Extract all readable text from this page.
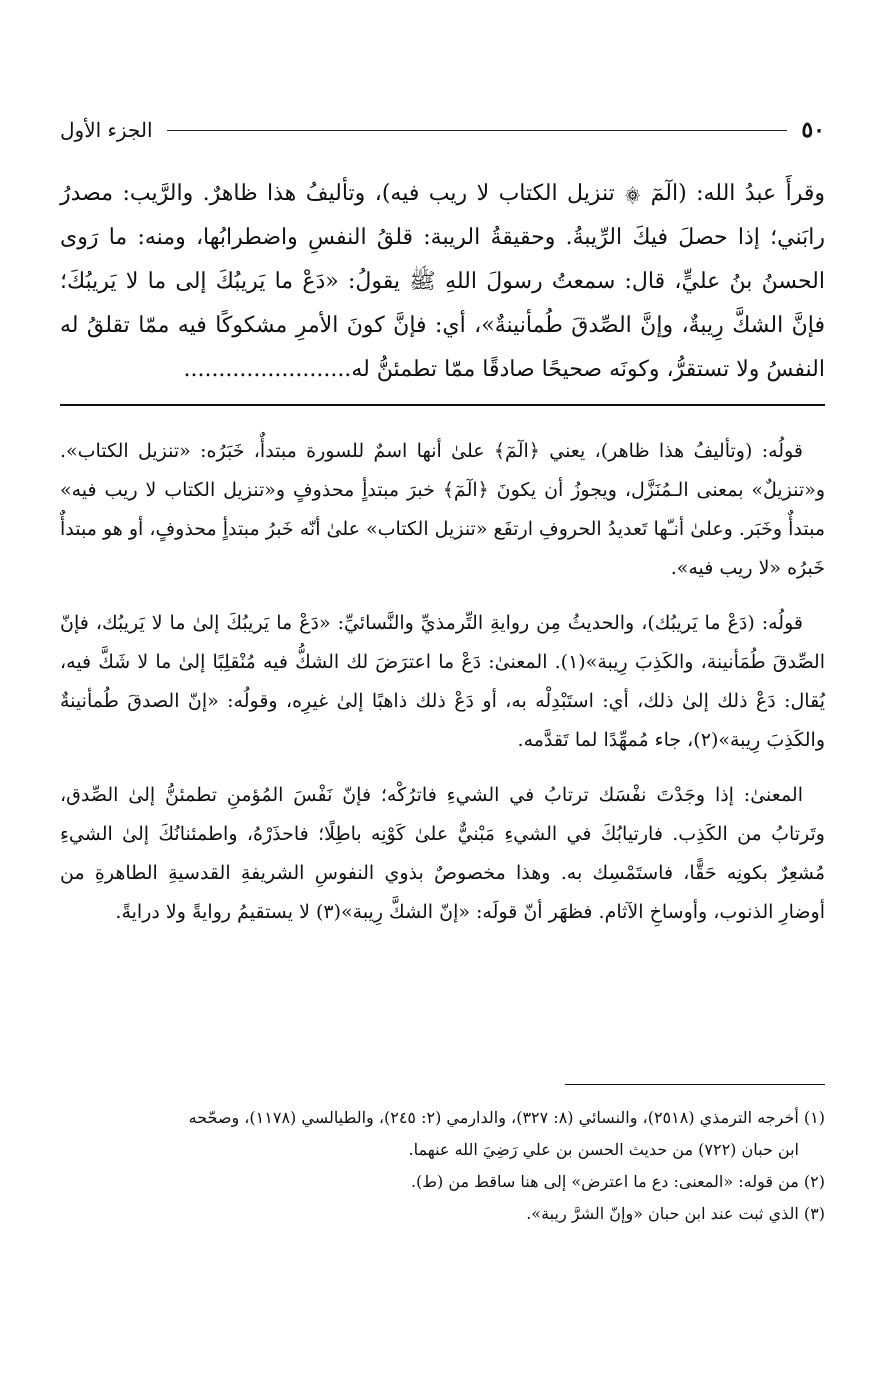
٥٠
الجزء الأول

وقرأَ عبدُ الله: (الٓمٓ ۞ تنزيل الكتاب لا ريب فيه)، وتأليفُ هذا ظاهرٌ. والرَّيب: مصدرُ رابَني؛ إذا حصلَ فيكَ الرِّيبةُ. وحقيقةُ الريبة: قلقُ النفسِ واضطرابُها، ومنه: ما رَوى الحسنُ بنُ عليٍّ، قال: سمعتُ رسولَ اللهِ ﷺ يقولُ: «دَعْ ما يَريبُكَ إلى ما لا يَريبُكَ؛ فإنَّ الشكَّ رِيبةٌ، وإنَّ الصِّدقَ طُمأنينةٌ»، أي: فإنَّ كونَ الأمرِ مشكوكًا فيه ممّا تقلقُ له النفسُ ولا تستقرُّ، وكونَه صحيحًا صادقًا ممّا تطمئنُّ له........................

قولُه: (وتأليفُ هذا ظاهر)، يعني ﴿الٓمٓ﴾ علىٰ أنها اسمٌ للسورة مبتدأٌ، خَبَرُه: «تنزيل الكتاب». و«تنزيلٌ» بمعنى الـمُنَزَّل، ويجوزُ أن يكونَ ﴿الٓمٓ﴾ خبرَ مبتدأٍ محذوفٍ و«تنزيل الكتاب لا ريب فيه» مبتدأٌ وخَبَر. وعلىٰ أنـّها تَعديدُ الحروفِ ارتفَع «تنزيل الكتاب» علىٰ أنّه خَبرُ مبتدأٍ محذوفٍ، أو هو مبتدأٌ خَبرُه «لا ريب فيه».

قولُه: (دَعْ ما يَريبُك)، والحديثُ مِن روايةِ التِّرمذيِّ والنَّسائيِّ: «دَعْ ما يَريبُكَ إلىٰ ما لا يَريبُك، فإنّ الصِّدقَ طُمَأنينة، والكَذِبَ رِيبة»(١). المعنىٰ: دَعْ ما اعترَضَ لك الشكُّ فيه مُنْقلِبًا إلىٰ ما لا شَكَّ فيه، يُقال: دَعْ ذلك إلىٰ ذلك، أي: استَبْدِلْه به، أو دَعْ ذلك ذاهبًا إلىٰ غيرِه، وقولُه: «إنّ الصدقَ طُمأنينةٌ والكَذِبَ رِيبة»(٢)، جاء مُمهِّدًا لما تَقدَّمه.

المعنىٰ: إذا وجَدْتَ نفْسَك ترتابُ في الشيءِ فاترُكْه؛ فإنّ نَفْسَ المُؤمنِ تطمئنُّ إلىٰ الصِّدق، وتَرتابُ من الكَذِب. فارتيابُكَ في الشيءِ مَبْنيٌّ علىٰ كَوْنِه باطِلًا؛ فاحذَرْهُ، واطمئنانُكَ إلىٰ الشيءِ مُشعِرٌ بكونِه حَقًّا، فاستَمْسِك به. وهذا مخصوصٌ بذوي النفوسِ الشريفةِ القدسيةِ الطاهرةِ من أوضارِ الذنوب، وأوساخِ الآثام. فظهَر أنّ قولَه: «إنّ الشكَّ رِيبة»(٣) لا يستقيمُ روايةً ولا درايةً.

(١) أخرجه الترمذي (٢٥١٨)، والنسائي (٨: ٣٢٧)، والدارمي (٢: ٢٤٥)، والطيالسي (١١٧٨)، وصحّحه

ابن حبان (٧٢٢) من حديث الحسن بن علي رَضِيَ الله عنهما.

(٢) من قوله: «المعنى: دع ما اعترض» إلى هنا ساقط من (ط).

(٣) الذي ثبت عند ابن حبان «وإنّ الشرَّ ريبة».
